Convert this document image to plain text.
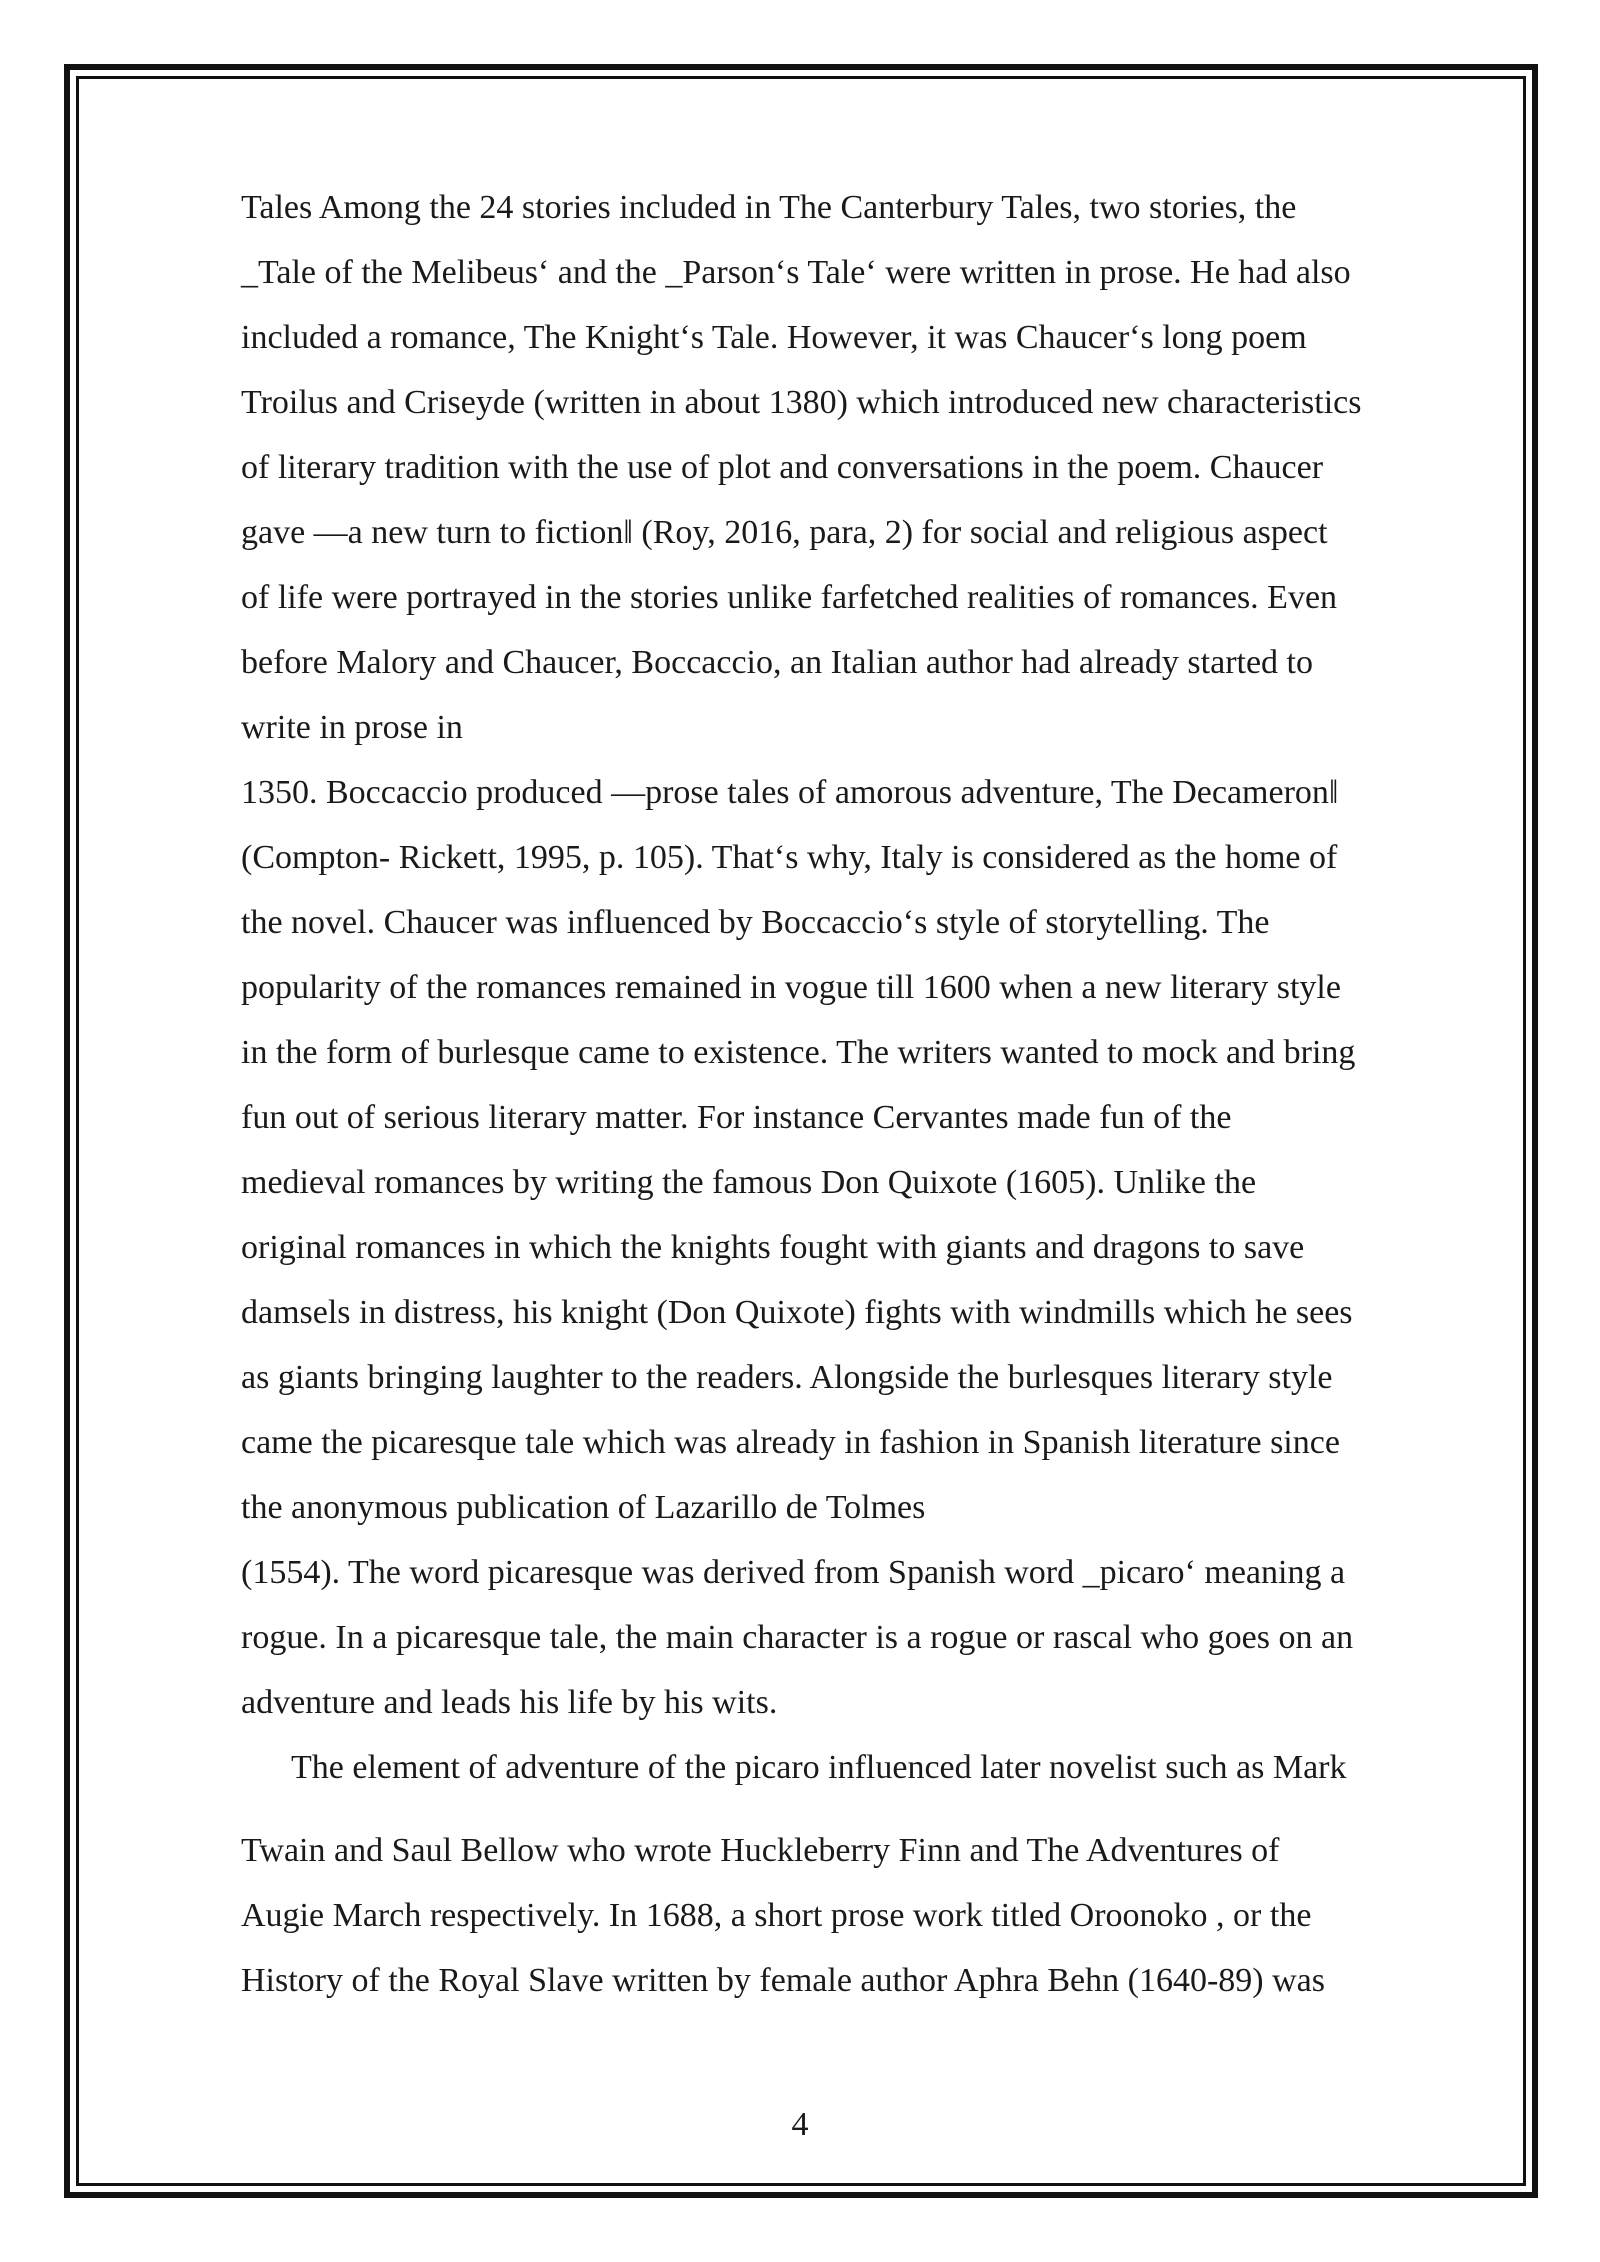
Tales Among the 24 stories included in The Canterbury Tales, two stories, the
_Tale of the Melibeus‘ and the _Parson‘s Tale‘ were written in prose. He had also
included a romance, The Knight‘s Tale. However, it was Chaucer‘s long poem
Troilus and Criseyde (written in about 1380) which introduced new characteristics
of literary tradition with the use of plot and conversations in the poem. Chaucer
gave ―a new turn to fiction‖ (Roy, 2016, para, 2) for social and religious aspect
of life were portrayed in the stories unlike farfetched realities of romances. Even
before Malory and Chaucer, Boccaccio, an Italian author had already started to
write in prose in
1350. Boccaccio produced ―prose tales of amorous adventure, The Decameron‖
(Compton- Rickett, 1995, p. 105). That‘s why, Italy is considered as the home of
the novel. Chaucer was influenced by Boccaccio‘s style of storytelling. The
popularity of the romances remained in vogue till 1600 when a new literary style
in the form of burlesque came to existence. The writers wanted to mock and bring
fun out of serious literary matter. For instance Cervantes made fun of the
medieval romances by writing the famous Don Quixote (1605). Unlike the
original romances in which the knights fought with giants and dragons to save
damsels in distress, his knight (Don Quixote) fights with windmills which he sees
as giants bringing laughter to the readers. Alongside the burlesques literary style
came the picaresque tale which was already in fashion in Spanish literature since
the anonymous publication of Lazarillo de Tolmes
(1554). The word picaresque was derived from Spanish word _picaro‘ meaning a
rogue. In a picaresque tale, the main character is a rogue or rascal who goes on an
adventure and leads his life by his wits.
The element of adventure of the picaro influenced later novelist such as Mark
Twain and Saul Bellow who wrote Huckleberry Finn and The Adventures of
Augie March respectively. In 1688, a short prose work titled Oroonoko , or the
History of the Royal Slave written by female author Aphra Behn (1640-89) was
4
